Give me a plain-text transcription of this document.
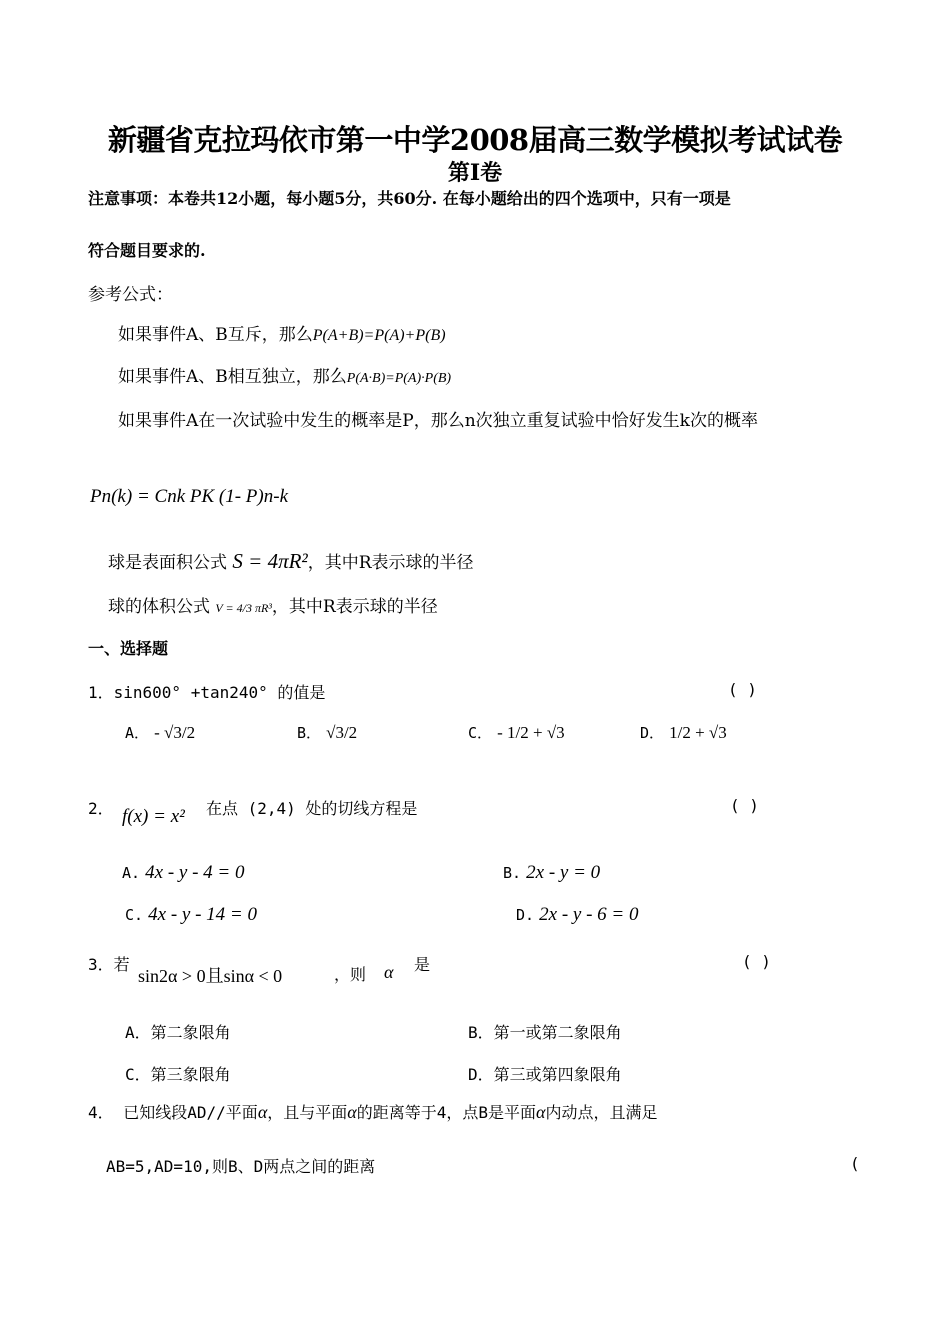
新疆省克拉玛依市第一中学2008届高三数学模拟考试试卷
第Ⅰ卷
注意事项：本卷共12小题，每小题5分，共60分. 在每小题给出的四个选项中，只有一项是
符合题目要求的.
参考公式：
如果事件A、B互斥，那么P(A+B)=P(A)+P(B)
如果事件A、B相互独立，那么P(A·B)=P(A)·P(B)
如果事件A在一次试验中发生的概率是P，那么n次独立重复试验中恰好发生k次的概率
Pn(k) = Cnk PK (1- P)n-k
球是表面积公式 S = 4πR²，其中R表示球的半径
球的体积公式 V = 4/3 πR³，其中R表示球的半径
一、选择题
1．sin600° +tan240° 的值是	( )
A． - √3/2	B． √3/2	C． - 1/2 + √3	D． 1/2 + √3
2． f(x) = x² 在点 (2,4) 处的切线方程是	( )
A. 4x - y - 4 = 0	B. 2x - y = 0
C. 4x - y - 14 = 0	D. 2x - y - 6 = 0
3．若
sin2α > 0且sinα < 0	，则 α 是	( )
A．第二象限角	B．第一或第二象限角
C．第三象限角	D．第三或第四象限角
4． 已知线段AD//平面α，且与平面α的距离等于4，点B是平面α内动点，且满足
AB=5,AD=10,则B、D两点之间的距离	(
